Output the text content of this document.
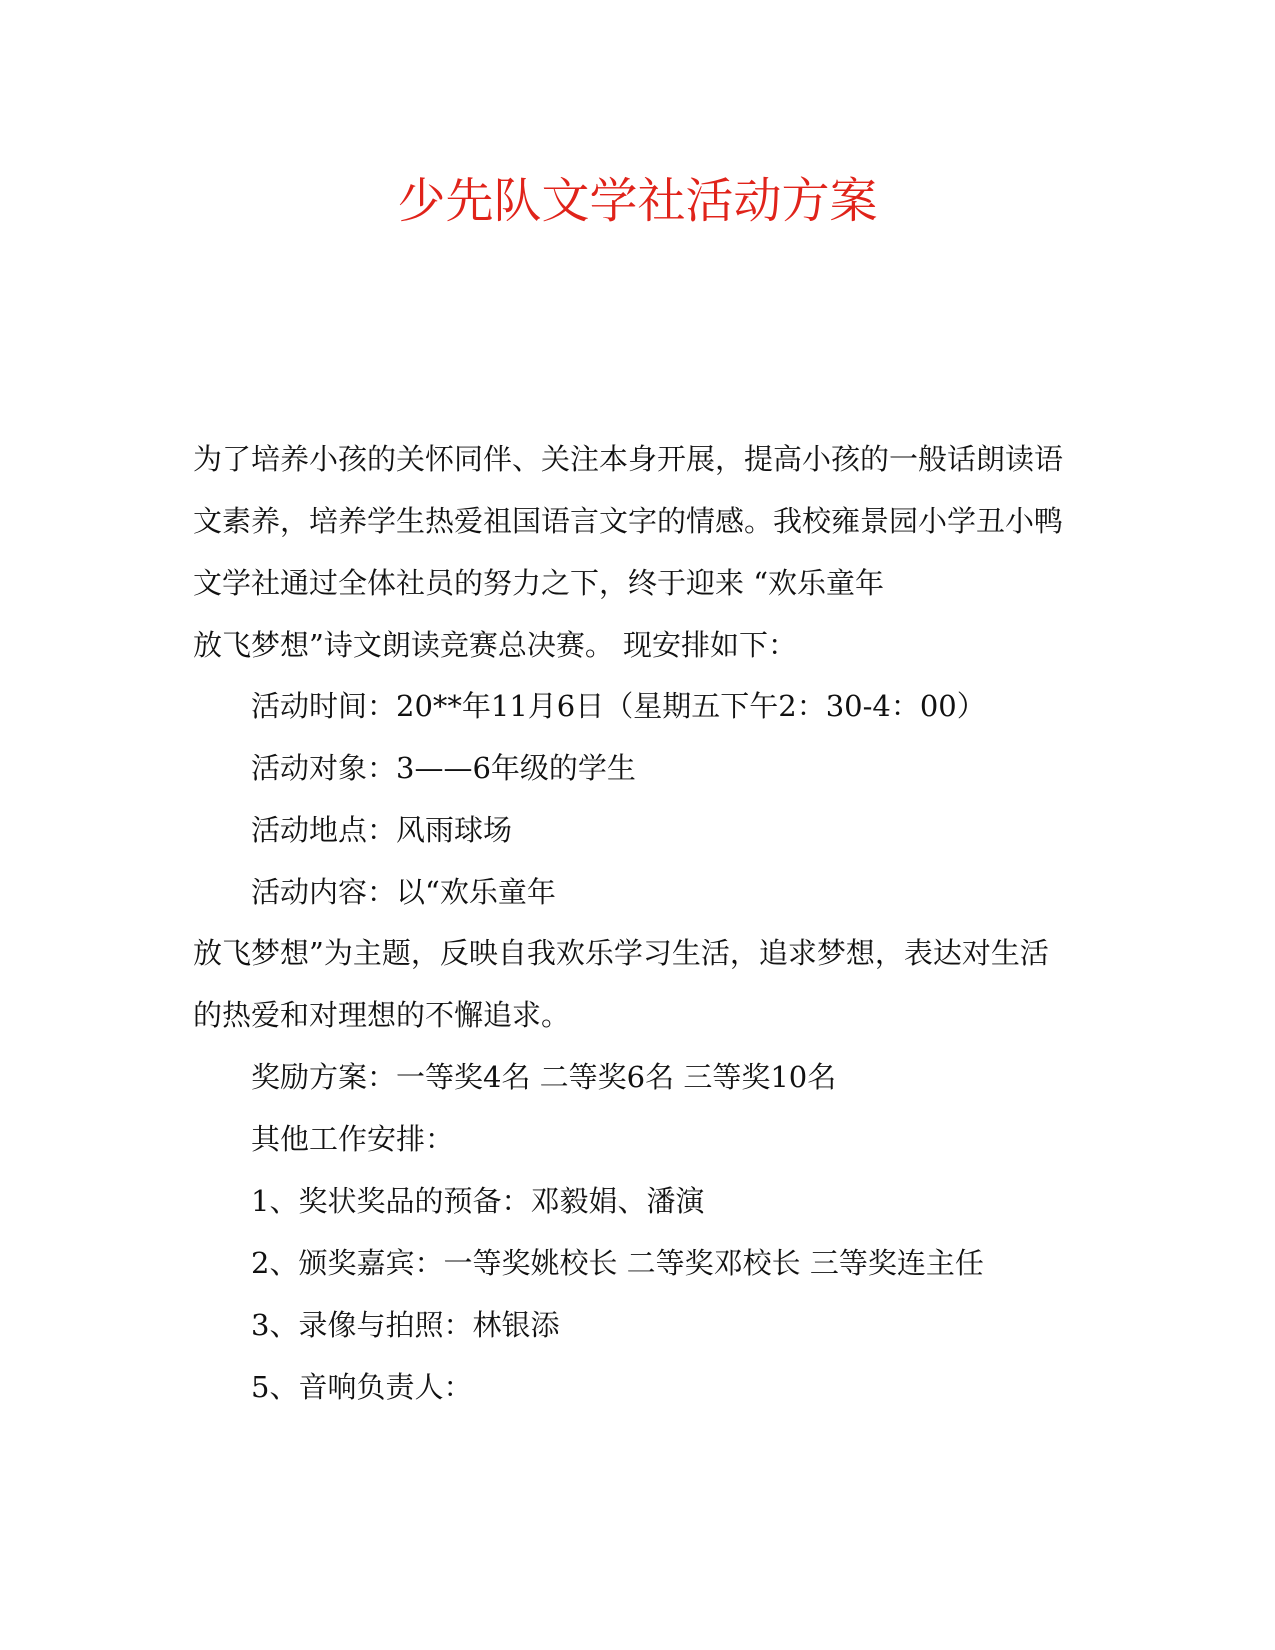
少先队文学社活动方案

为了培养小孩的关怀同伴、关注本身开展，提高小孩的一般话朗读语

文素养，培养学生热爱祖国语言文字的情感。我校雍景园小学丑小鸭

文学社通过全体社员的努力之下，终于迎来 “欢乐童年

放飞梦想”诗文朗读竞赛总决赛。 现安排如下：

活动时间：20**年11月6日（星期五下午2：30-4：00）

活动对象：3——6年级的学生

活动地点：风雨球场

活动内容：以“欢乐童年

放飞梦想”为主题，反映自我欢乐学习生活，追求梦想，表达对生活

的热爱和对理想的不懈追求。

奖励方案：一等奖4名 二等奖6名 三等奖10名

其他工作安排：

1、奖状奖品的预备：邓毅娟、潘演

2、颁奖嘉宾：一等奖姚校长 二等奖邓校长 三等奖连主任

3、录像与拍照：林银添

5、音响负责人：
